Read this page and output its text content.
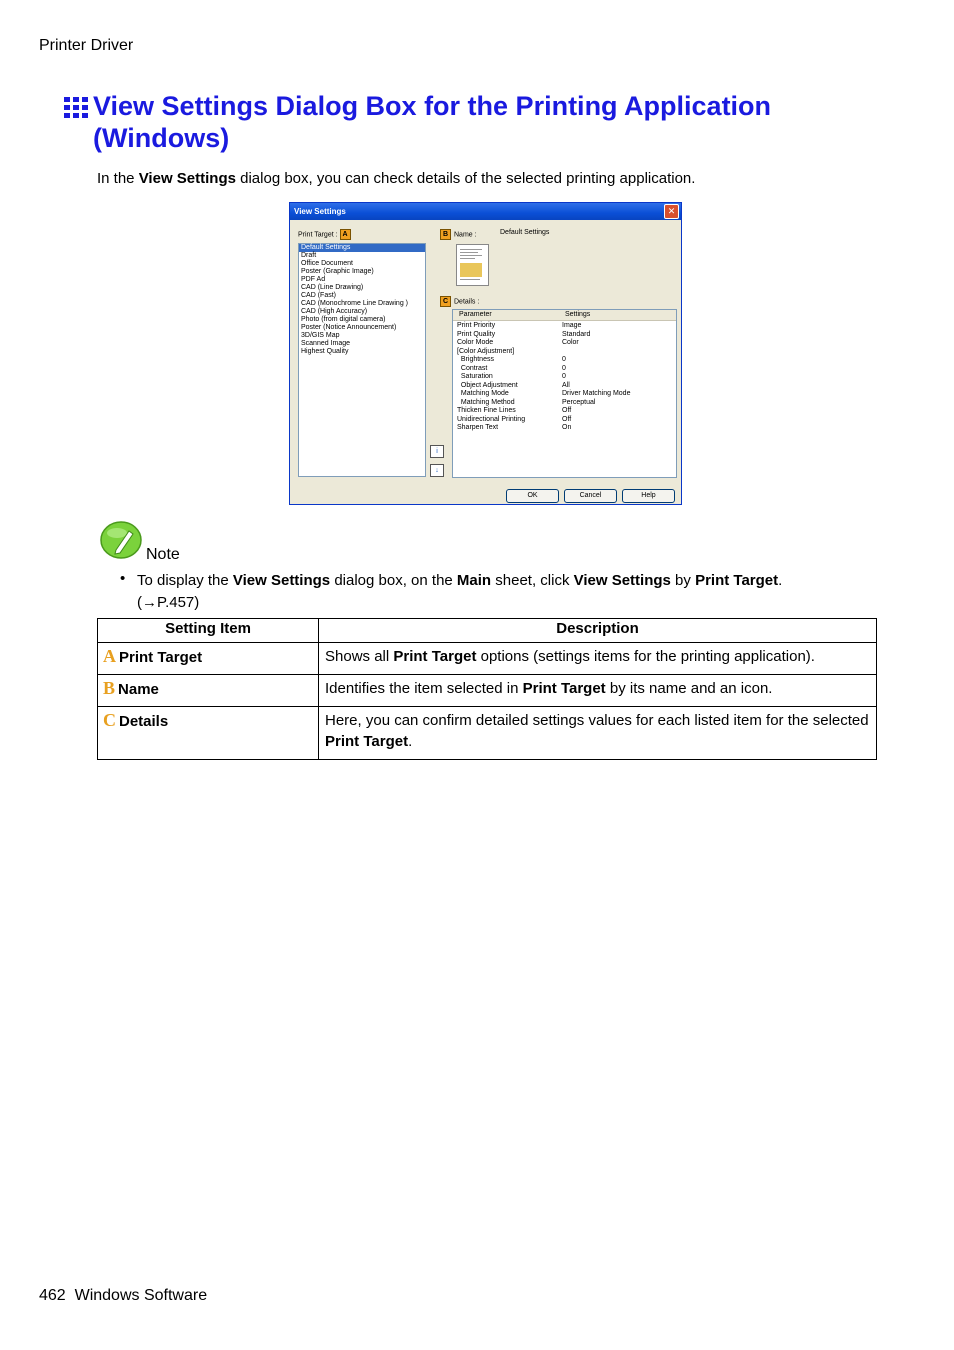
Printer Driver
View Settings Dialog Box for the Printing Application
(Windows)
In the View Settings dialog box, you can check details of the selected printing application.
View Settings	✕
Print Target : A
Default Settings
Draft
Office Document
Poster (Graphic Image)
PDF Ad
CAD (Line Drawing)
CAD (Fast)
CAD (Monochrome Line Drawing )
CAD (High Accuracy)
Photo (from digital camera)
Poster (Notice Announcement)
3D/GIS Map
Scanned Image
Highest Quality
B Name :	Default Settings
C Details :
Parameter	Settings
Print Priority	Image
Print Quality	Standard
Color Mode	Color
[Color Adjustment]
Brightness	0
Contrast	0
Saturation	0
Object Adjustment	All
Matching Mode	Driver Matching Mode
Matching Method	Perceptual
Thicken Fine Lines	Off
Unidirectional Printing	Off
Sharpen Text	On
i
↓
OK	Cancel	Help
Note
• To display the View Settings dialog box, on the Main sheet, click View Settings by Print Target.
(→P.457)
Setting Item	Description
A Print Target	Shows all Print Target options (settings items for the printing application).
B Name	Identifies the item selected in Print Target by its name and an icon.
C Details	Here, you can confirm detailed settings values for each listed item for the selected Print Target.
462 Windows Software
